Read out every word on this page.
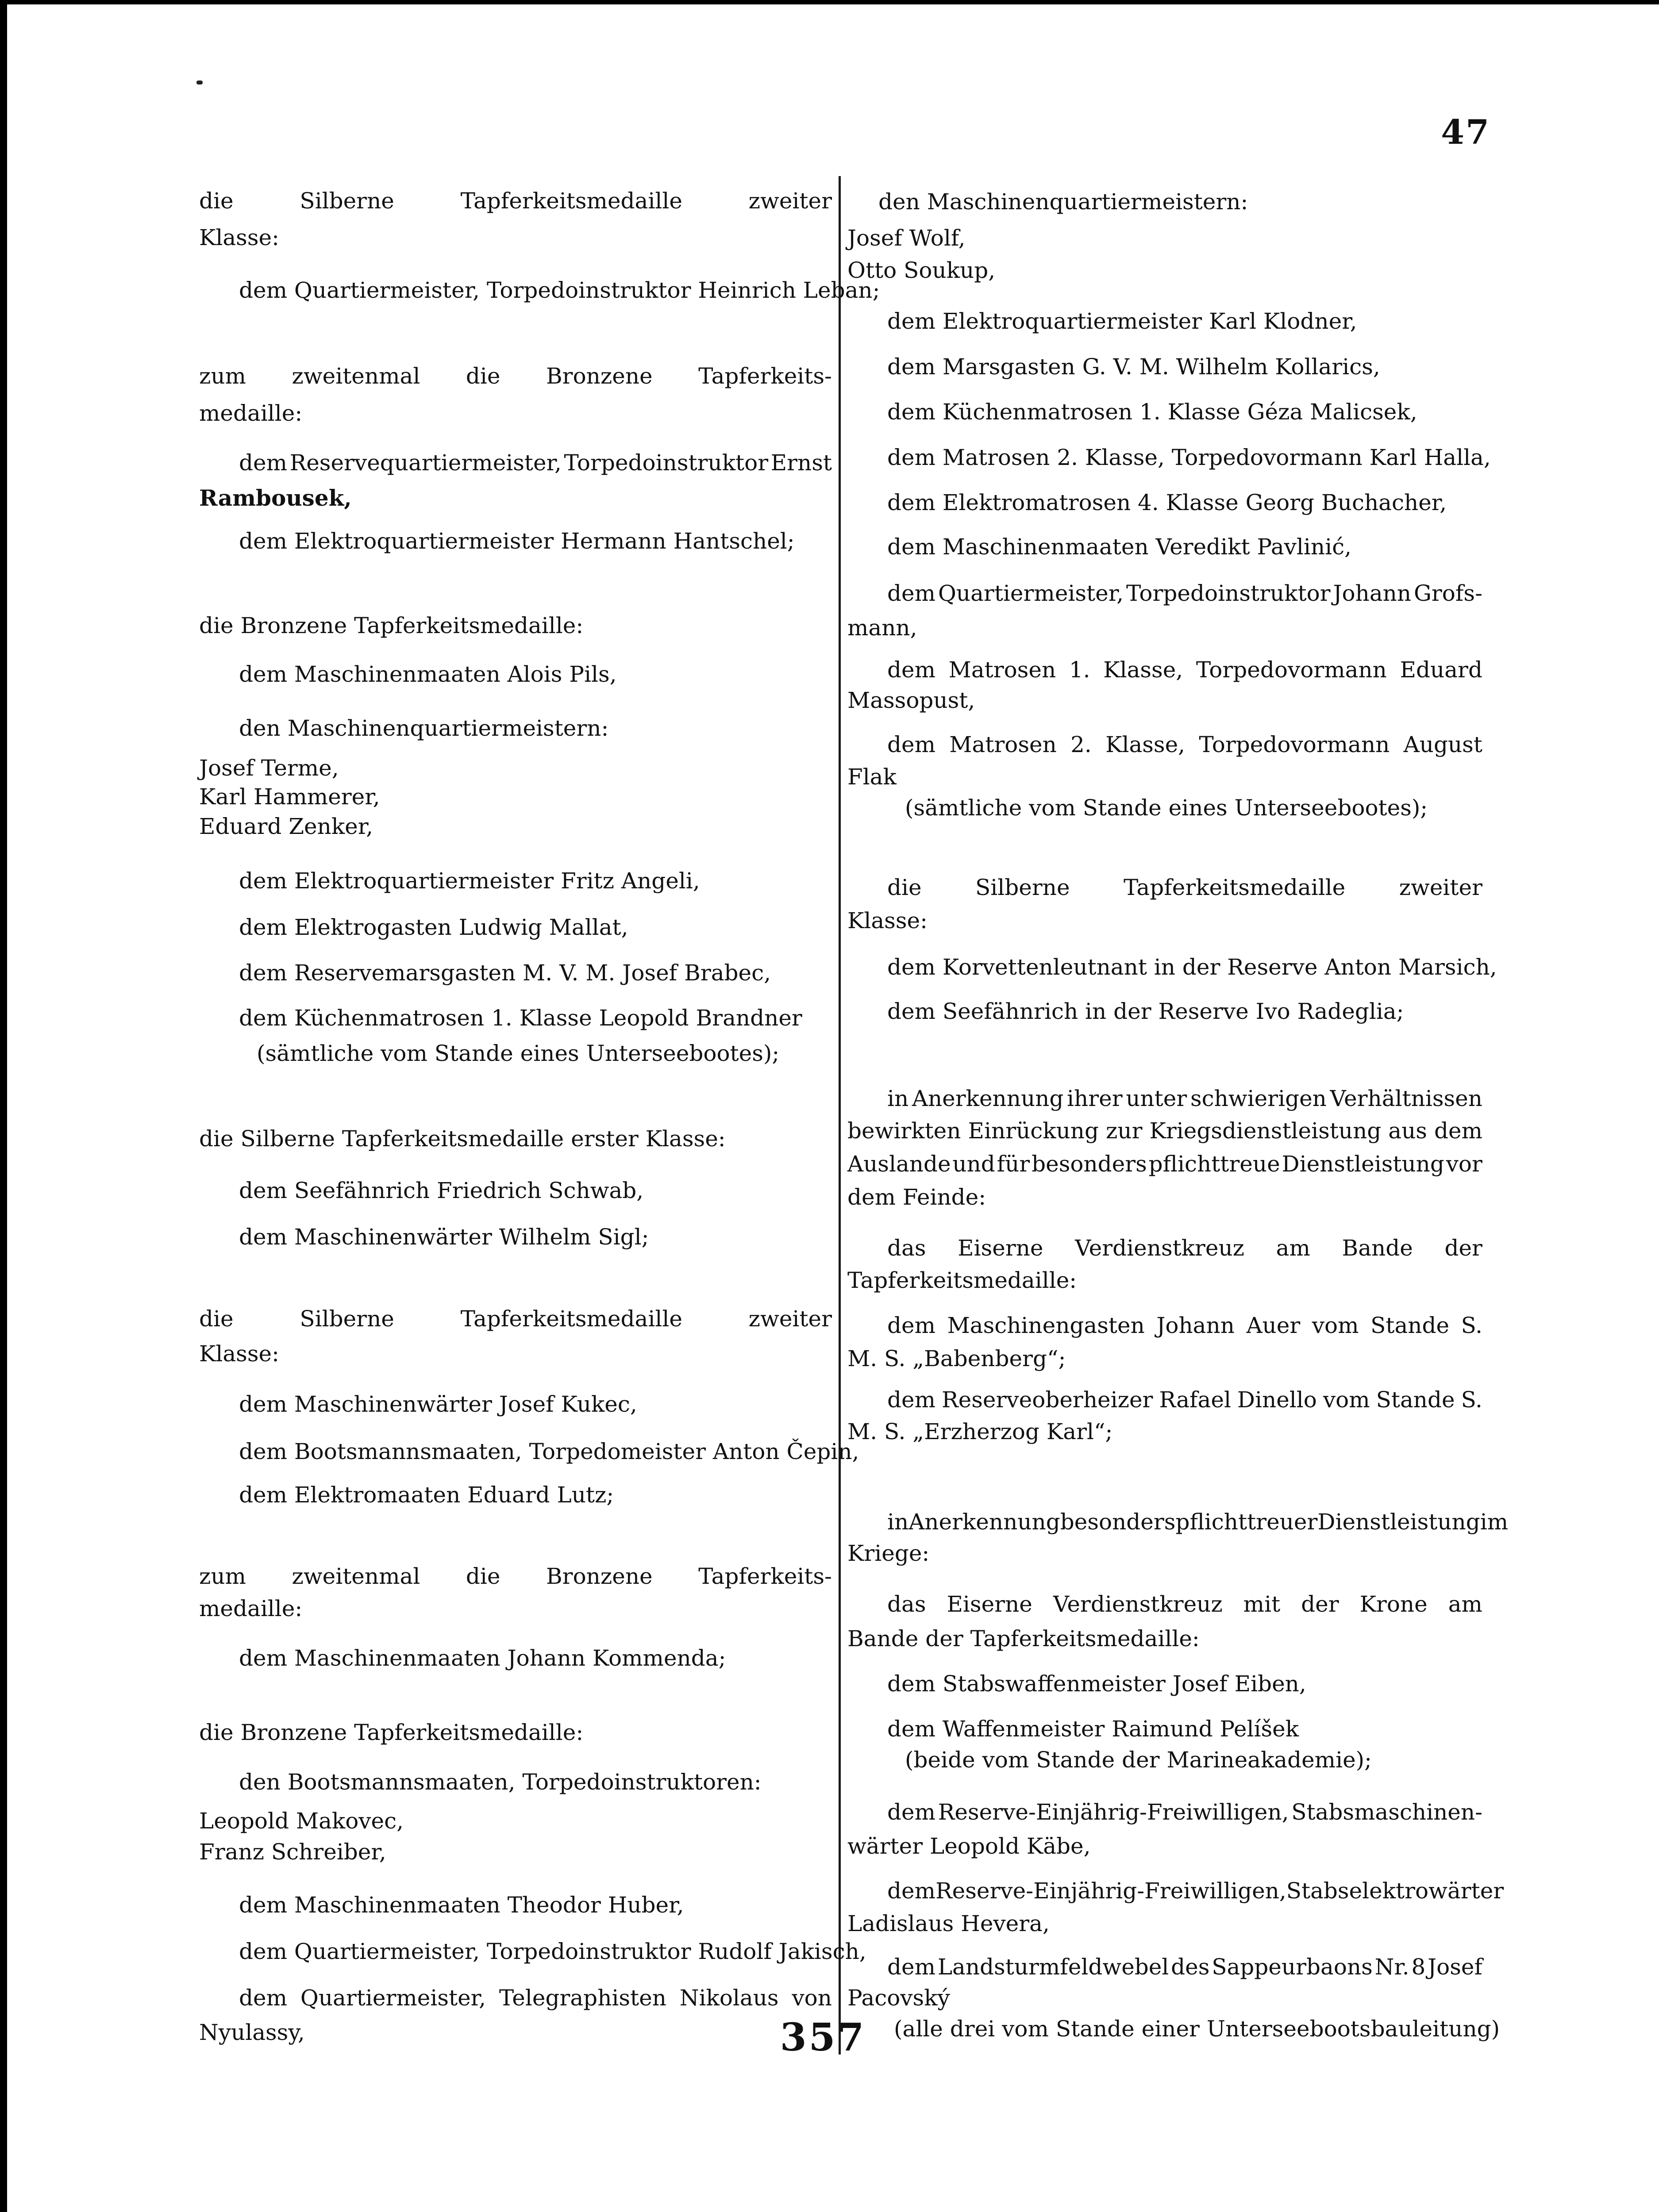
47
die	Silberne	Tapferkeitsmedaille	zweiter
Klasse:
dem Quartiermeister, Torpedoinstruktor Heinrich Leban;
zum zweitenmal die Bronzene Tapferkeits-
medaille:
dem Reservequartiermeister, Torpedoinstruktor Ernst
Rambousek,
dem Elektroquartiermeister Hermann Hantschel;
die Bronzene Tapferkeitsmedaille:
dem Maschinenmaaten Alois Pils,
den Maschinenquartiermeistern:
Josef Terme,
Karl Hammerer,
Eduard Zenker,
dem Elektroquartiermeister Fritz Angeli,
dem Elektrogasten Ludwig Mallat,
dem Reservemarsgasten M. V. M. Josef Brabec,
dem Küchenmatrosen 1. Klasse Leopold Brandner
(sämtliche vom Stande eines Unterseebootes);
die Silberne Tapferkeitsmedaille erster Klasse:
dem Seefähnrich Friedrich Schwab,
dem Maschinenwärter Wilhelm Sigl;
die	Silberne	Tapferkeitsmedaille	zweiter
Klasse:
dem Maschinenwärter Josef Kukec,
dem Bootsmannsmaaten, Torpedomeister Anton Čepin,
dem Elektromaaten Eduard Lutz;
zum zweitenmal die Bronzene Tapferkeits-
medaille:
dem Maschinenmaaten Johann Kommenda;
die Bronzene Tapferkeitsmedaille:
den Bootsmannsmaaten, Torpedoinstruktoren:
Leopold Makovec,
Franz Schreiber,
dem Maschinenmaaten Theodor Huber,
dem Quartiermeister, Torpedoinstruktor Rudolf Jakisch,
dem Quartiermeister, Telegraphisten Nikolaus von
Nyulassy,
den Maschinenquartiermeistern:
Josef Wolf,
Otto Soukup,
dem Elektroquartiermeister Karl Klodner,
dem Marsgasten G. V. M. Wilhelm Kollarics,
dem Küchenmatrosen 1. Klasse Géza Malicsek,
dem Matrosen 2. Klasse, Torpedovormann Karl Halla,
dem Elektromatrosen 4. Klasse Georg Buchacher,
dem Maschinenmaaten Veredikt Pavlinić,
dem Quartiermeister, Torpedoinstruktor Johann Grofs-
mann,
dem Matrosen 1. Klasse, Torpedovormann Eduard
Massopust,
dem Matrosen 2. Klasse, Torpedovormann August
Flak
(sämtliche vom Stande eines Unterseebootes);
die Silberne Tapferkeitsmedaille zweiter
Klasse:
dem Korvettenleutnant in der Reserve Anton Marsich,
dem Seefähnrich in der Reserve Ivo Radeglia;
in Anerkennung ihrer unter schwierigen Verhältnissen
bewirkten Einrückung zur Kriegsdienstleistung aus dem
Auslande und für besonders pflichttreue Dienstleistung vor
dem Feinde:
das Eiserne Verdienstkreuz am Bande der
Tapferkeitsmedaille:
dem Maschinengasten Johann Auer vom Stande S.
M. S. „Babenberg“;
dem Reserveoberheizer Rafael Dinello vom Stande S.
M. S. „Erzherzog Karl“;
in Anerkennung besonders pflichttreuer Dienstleistung im
Kriege:
das Eiserne Verdienstkreuz mit der Krone am
Bande der Tapferkeitsmedaille:
dem Stabswaffenmeister Josef Eiben,
dem Waffenmeister Raimund Pelíšek
(beide vom Stande der Marineakademie);
dem Reserve-Einjährig-Freiwilligen, Stabsmaschinen-
wärter Leopold Käbe,
dem Reserve-Einjährig-Freiwilligen, Stabselektrowärter
Ladislaus Hevera,
dem Landsturmfeldwebel des Sappeurbaons Nr. 8 Josef
Pacovský
(alle drei vom Stande einer Unterseebootsbauleitung)
357
